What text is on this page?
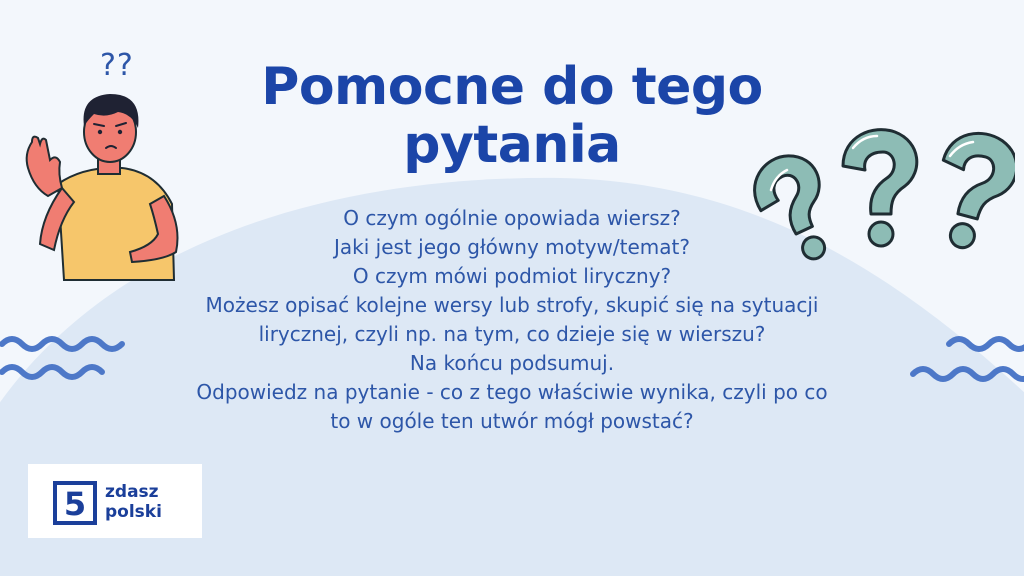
??	Pomocne do tego pytania

O czym ogólnie opowiada wiersz?

Jaki jest jego główny motyw/temat?

O czym mówi podmiot liryczny?

Możesz opisać kolejne wersy lub strofy, skupić się na sytuacji lirycznej, czyli np. na tym, co dzieje się w wierszu?

Na końcu podsumuj.

Odpowiedz na pytanie - co z tego właściwie wynika, czyli po co to w ogóle ten utwór mógł powstać?

5 zdasz
polski
